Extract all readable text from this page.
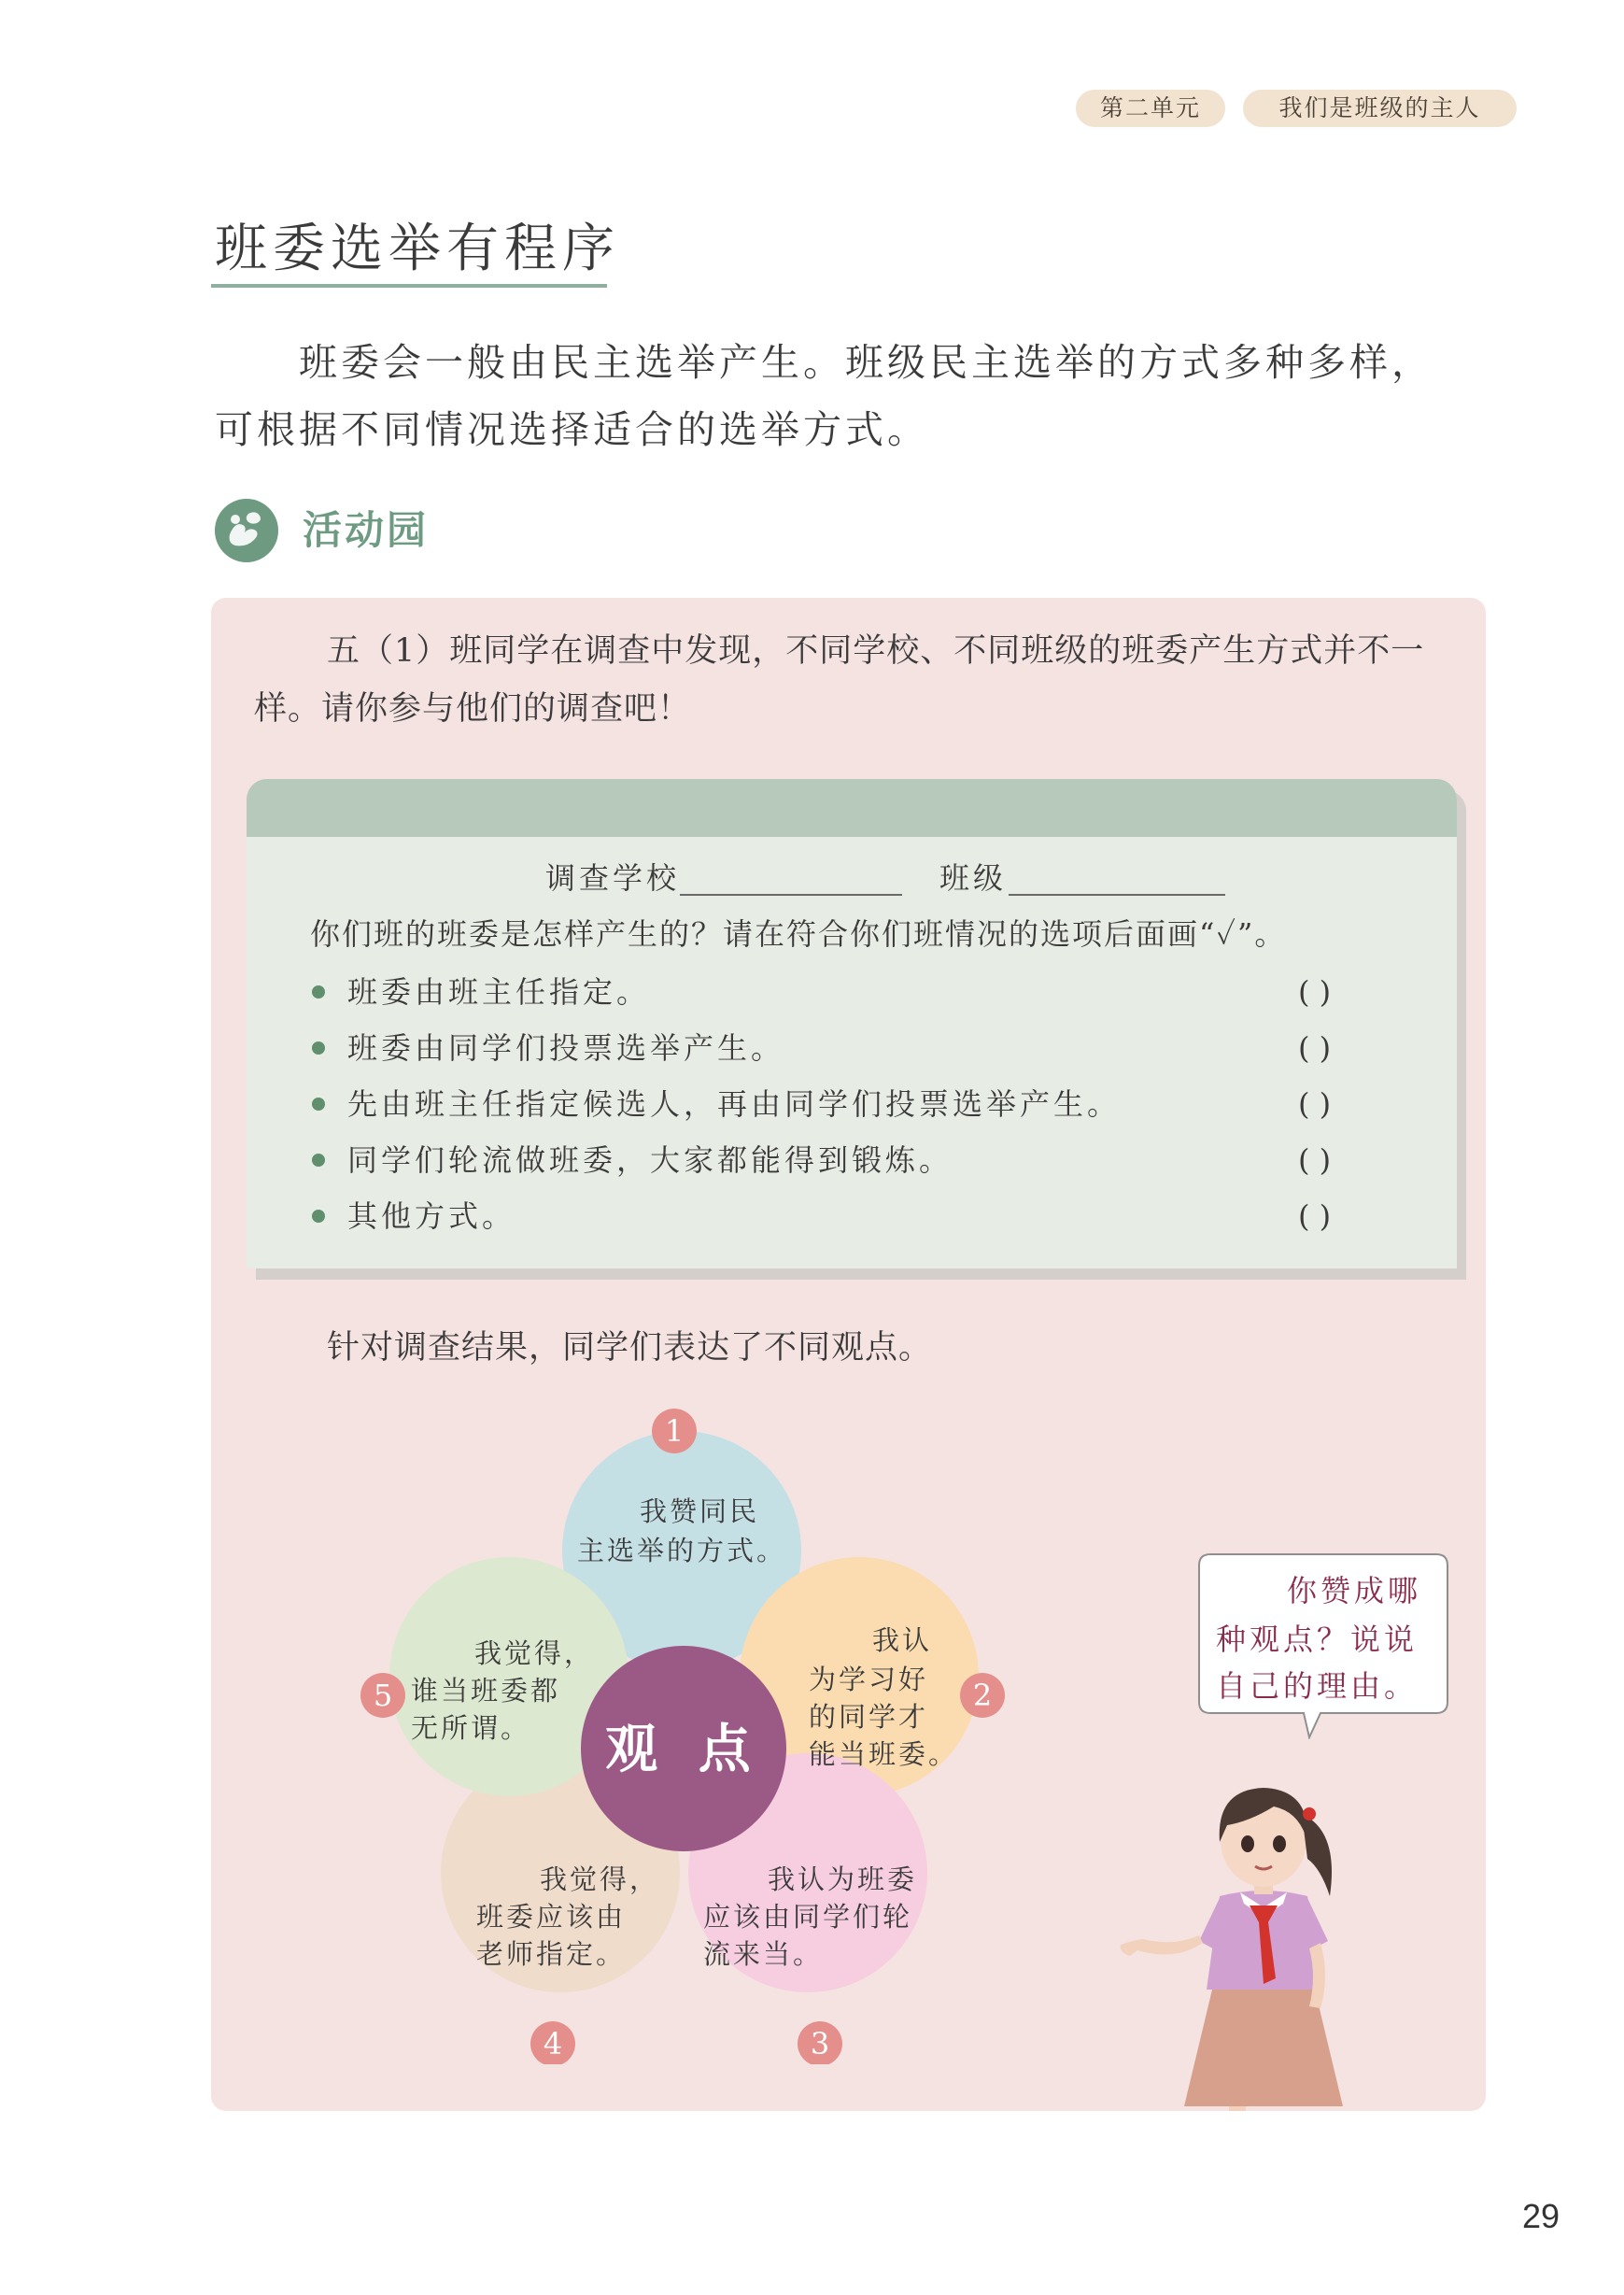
第二单元	我们是班级的主人
班委选举有程序
班委会一般由民主选举产生。班级民主选举的方式多种多样，
可根据不同情况选择适合的选举方式。
活动园
五（1）班同学在调查中发现，不同学校、不同班级的班委产生方式并不一
样。请你参与他们的调查吧！
调查学校	班级
你们班的班委是怎样产生的？请在符合你们班情况的选项后面画“✓”。
班委由班主任指定。	( )
班委由同学们投票选举产生。	( )
先由班主任指定候选人，再由同学们投票选举产生。	( )
同学们轮流做班委，大家都能得到锻炼。	( )
其他方式。	( )
针对调查结果，同学们表达了不同观点。
观 点
我赞同民
主选举的方式。
我认
为学习好
的同学才
能当班委。
我认为班委
应该由同学们轮
流来当。
我觉得，
班委应该由
老师指定。
我觉得，
谁当班委都
无所谓。
1
2
3
4
5
你赞成哪
种观点？说说
自己的理由。
29
